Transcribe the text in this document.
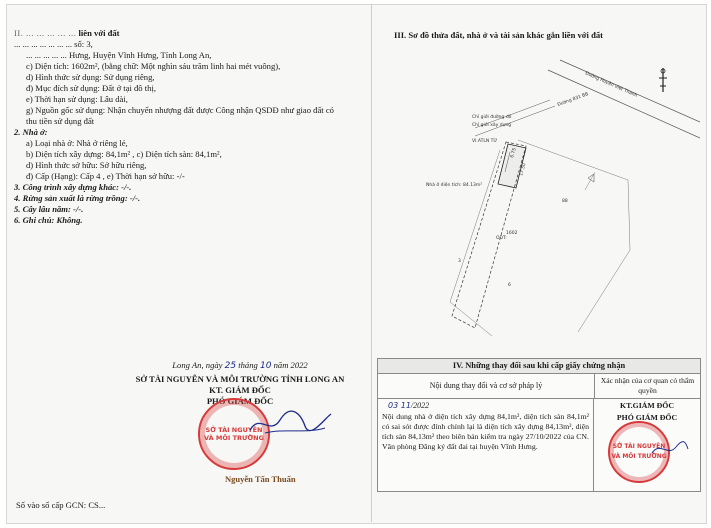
II. ... ... ... ... ... liên với đất
... ... ... ... ... ... ... số: 3,
... ... ... ... ... Hưng, Huyện Vĩnh Hưng, Tỉnh Long An,
c) Diện tích: 1602m², (bằng chữ: Một nghìn sáu trăm linh hai mét vuông),
d) Hình thức sử dụng: Sử dụng riêng,
đ) Mục đích sử dụng: Đất ở tại đô thị,
e) Thời hạn sử dụng: Lâu dài,
g) Nguồn gốc sử dụng: Nhận chuyển nhượng đất được Công nhận QSDĐ như giao đất có
thu tiền sử dụng đất
2. Nhà ở:
a) Loại nhà ở: Nhà ở riêng lẻ,
b) Diện tích xây dựng: 84,1m² , c) Diện tích sàn: 84,1m²,
d) Hình thức sở hữu: Sở hữu riêng,
đ) Cấp (Hạng): Cấp 4 , e) Thời hạn sở hữu: -/-
3. Công trình xây dựng khác: -/-.
4. Rừng sản xuất là rừng trồng: -/-.
5. Cây lâu năm: -/-.
6. Ghi chú: Không.
Long An, ngày 25 tháng 10 năm 2022
SỞ TÀI NGUYÊN VÀ MÔI TRƯỜNG TỈNH LONG AN
KT. GIÁM ĐỐC
PHÓ GIÁM ĐỐC
SỞ TÀI NGUYÊN VÀ MÔI TRƯỜNG
Nguyễn Tấn Thuấn
Số vào sổ cấp GCN: CS...
III. Sơ đồ thửa đất, nhà ở và tài sản khác gắn liền với đất
Đường Huyện Việt Thanh
Đường 831 BB
Chỉ giới đường đỏ
Chỉ giới xây dựng
VI.ATLN TỪ
Nhà ở diện tích: 84.13m²
6.75
17.50
ODT:
1602
88
3
6
IV. Những thay đổi sau khi cấp giấy chứng nhận
Nội dung thay đổi và cơ sở pháp lý
Xác nhận của cơ quan có thẩm quyền
03 11/2022
Nội dung nhà ở diện tích xây dựng 84,1m², diện tích sàn 84,1m² có sai sót được đính chính lại là diện tích xây dựng 84,13m², diện tích sàn 84,13m² theo biên bản kiểm tra ngày 27/10/2022 của CN. Văn phòng Đăng ký đất đai tại huyện Vĩnh Hưng.
KT.GIÁM ĐỐC
PHÓ GIÁM ĐỐC
SỞ TÀI NGUYÊN VÀ MÔI TRƯỜNG
